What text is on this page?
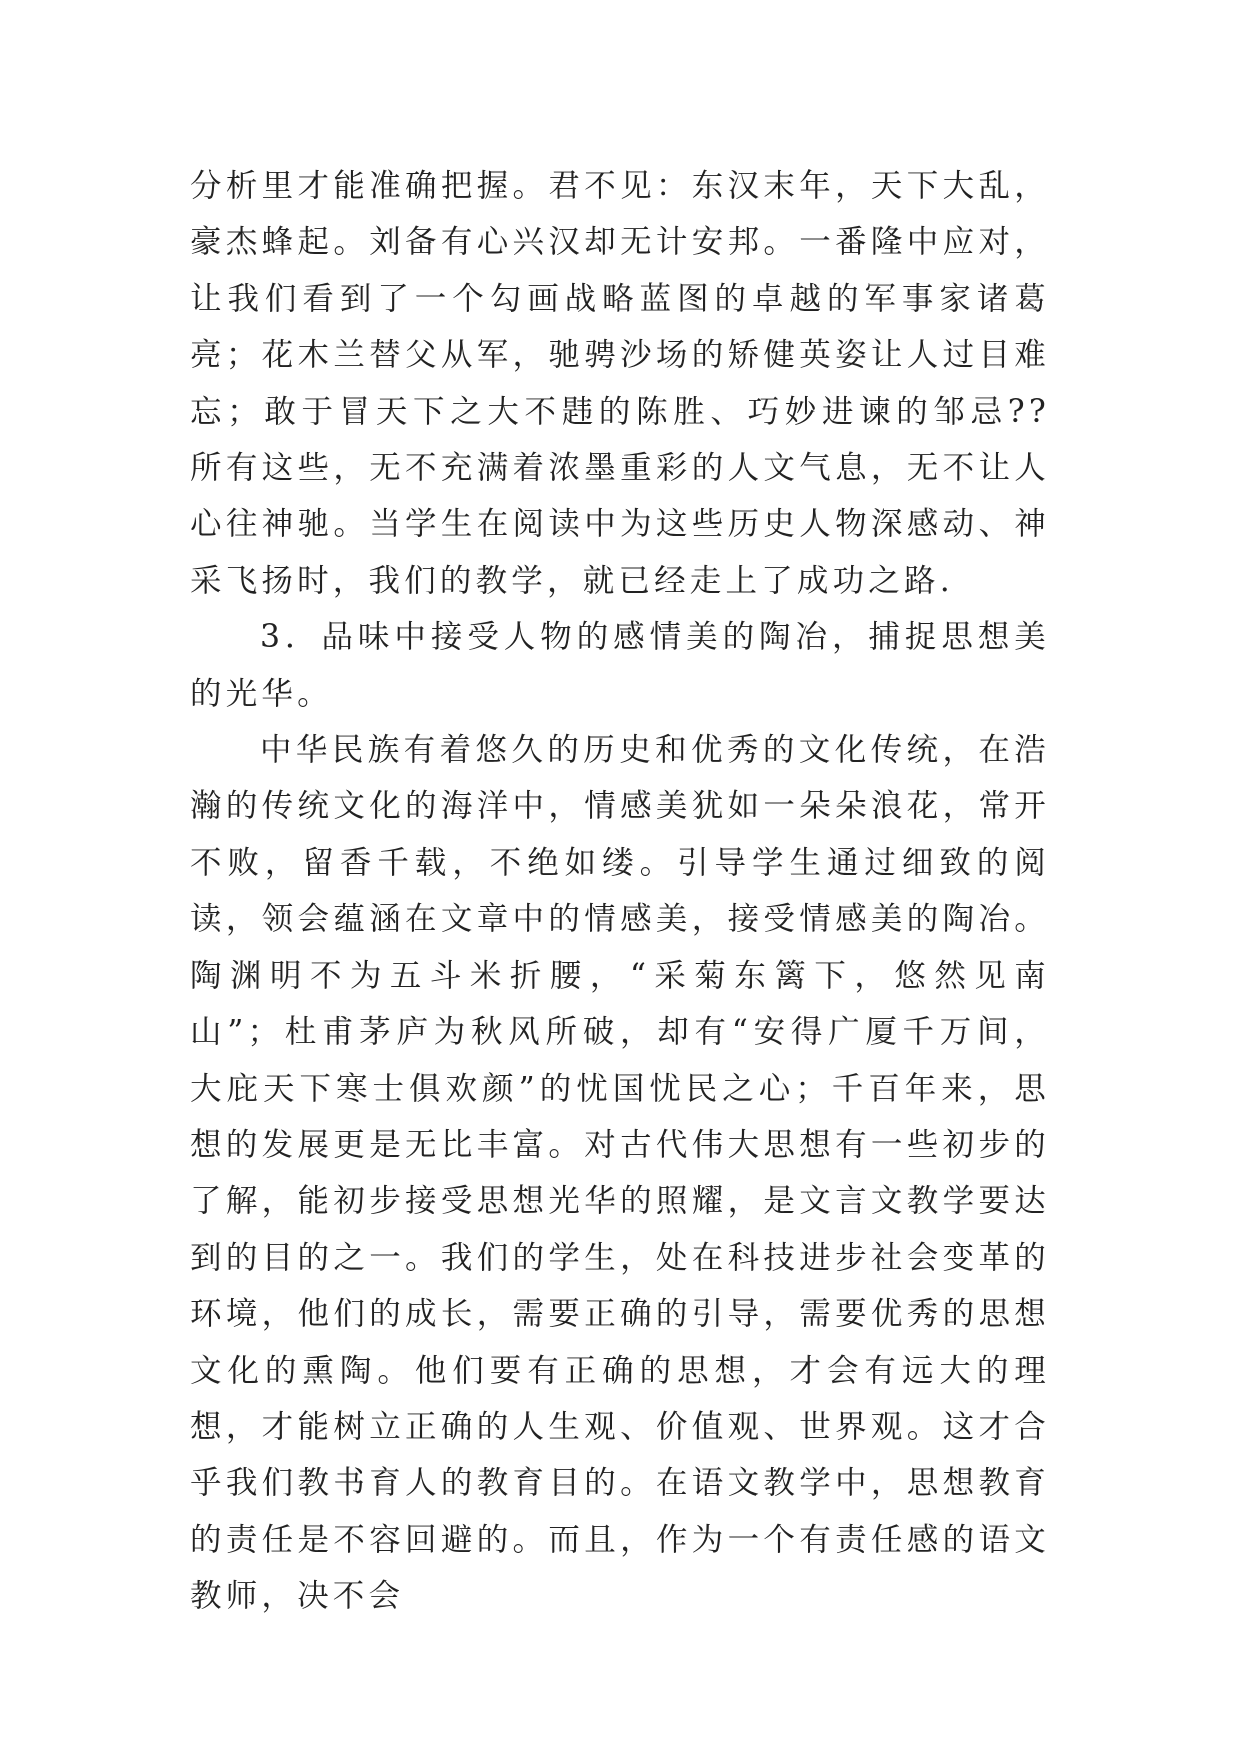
分析里才能准确把握。君不见：东汉末年，天下大乱，豪杰蜂起。刘备有心兴汉却无计安邦。一番隆中应对，让我们看到了一个勾画战略蓝图的卓越的军事家诸葛亮；花木兰替父从军，驰骋沙场的矫健英姿让人过目难忘；敢于冒天下之大不韪的陈胜、巧妙进谏的邹忌??所有这些，无不充满着浓墨重彩的人文气息，无不让人心往神驰。当学生在阅读中为这些历史人物深感动、神采飞扬时，我们的教学，就已经走上了成功之路.

3．品味中接受人物的感情美的陶冶，捕捉思想美的光华。

中华民族有着悠久的历史和优秀的文化传统，在浩瀚的传统文化的海洋中，情感美犹如一朵朵浪花，常开不败，留香千载，不绝如缕。引导学生通过细致的阅读，领会蕴涵在文章中的情感美，接受情感美的陶冶。陶渊明不为五斗米折腰，“采菊东篱下，悠然见南山”；杜甫茅庐为秋风所破，却有“安得广厦千万间，大庇天下寒士俱欢颜”的忧国忧民之心；千百年来，思想的发展更是无比丰富。对古代伟大思想有一些初步的了解，能初步接受思想光华的照耀，是文言文教学要达到的目的之一。我们的学生，处在科技进步社会变革的环境，他们的成长，需要正确的引导，需要优秀的思想文化的熏陶。他们要有正确的思想，才会有远大的理想，才能树立正确的人生观、价值观、世界观。这才合乎我们教书育人的教育目的。在语文教学中，思想教育的责任是不容回避的。而且，作为一个有责任感的语文教师，决不会
